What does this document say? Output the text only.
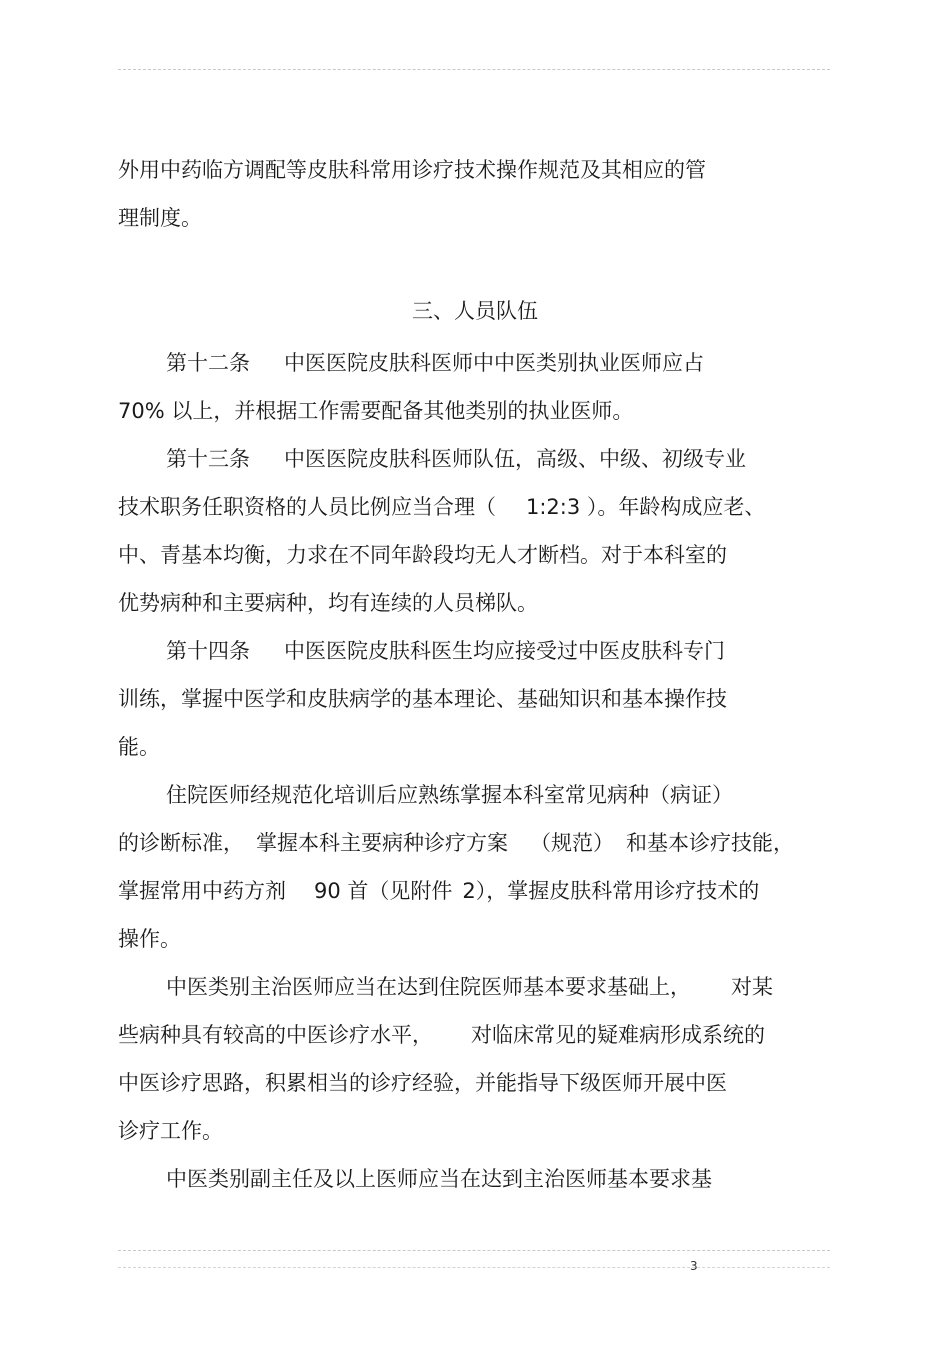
外用中药临方调配等皮肤科常用诊疗技术操作规范及其相应的管
理制度。
三、人员队伍
第十二条 中医医院皮肤科医师中中医类别执业医师应占
70% 以上，并根据工作需要配备其他类别的执业医师。
第十三条 中医医院皮肤科医师队伍，高级、中级、初级专业
技术职务任职资格的人员比例应当合理（ 1:2:3 ）。年龄构成应老、
中、青基本均衡，力求在不同年龄段均无人才断档。对于本科室的
优势病种和主要病种，均有连续的人员梯队。
第十四条 中医医院皮肤科医生均应接受过中医皮肤科专门
训练，掌握中医学和皮肤病学的基本理论、基础知识和基本操作技
能。
住院医师经规范化培训后应熟练掌握本科室常见病种（病证）
的诊断标准， 掌握本科主要病种诊疗方案 （规范） 和基本诊疗技能，
掌握常用中药方剂 90 首（见附件 2），掌握皮肤科常用诊疗技术的
操作。
中医类别主治医师应当在达到住院医师基本要求基础上， 对某
些病种具有较高的中医诊疗水平， 对临床常见的疑难病形成系统的
中医诊疗思路，积累相当的诊疗经验，并能指导下级医师开展中医
诊疗工作。
中医类别副主任及以上医师应当在达到主治医师基本要求基
3
